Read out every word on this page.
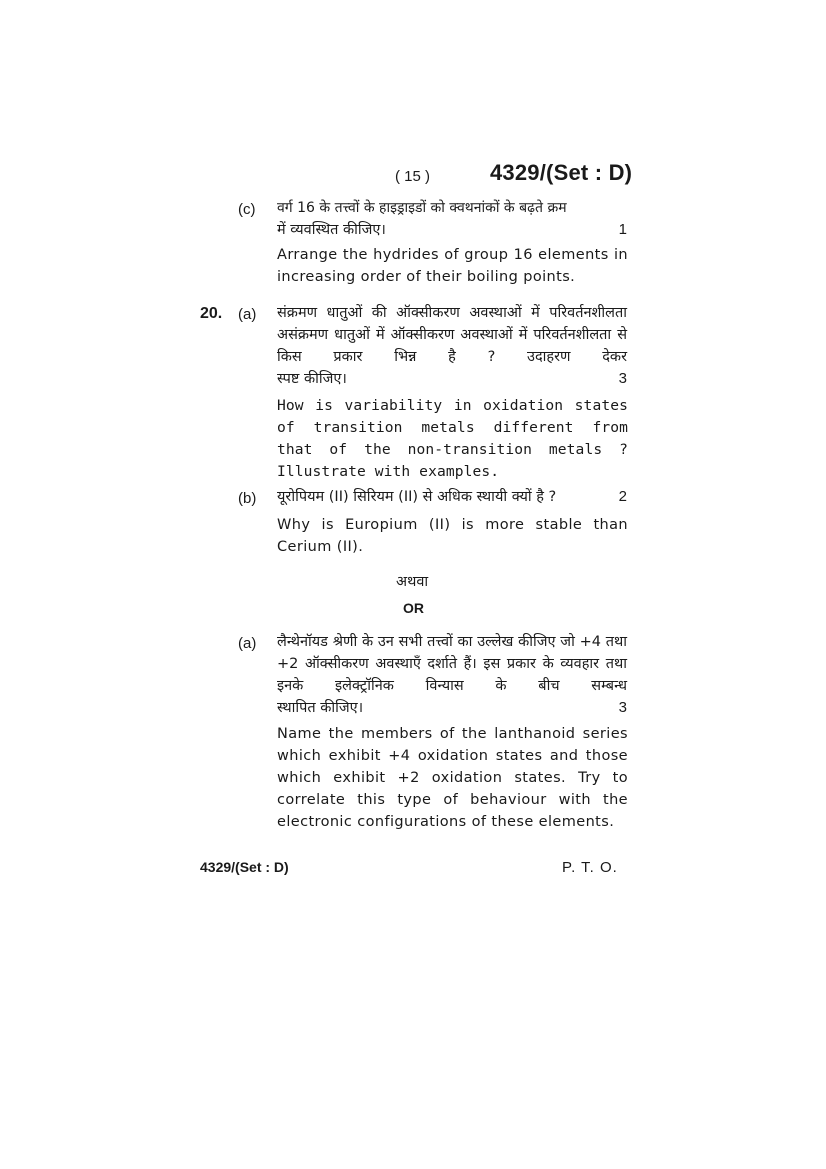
( 15 )	4329/(Set : D)
(c) वर्ग 16 के तत्त्वों के हाइड्राइडों को क्वथनांकों के बढ़ते क्रम
में व्यवस्थित कीजिए।	1
Arrange the hydrides of group 16 elements in increasing order of their boiling points.
20. (a) संक्रमण धातुओं की ऑक्सीकरण अवस्थाओं में परिवर्तनशीलता असंक्रमण धातुओं में ऑक्सीकरण अवस्थाओं में परिवर्तनशीलता से किस प्रकार भिन्न है ? उदाहरण देकर
स्पष्ट कीजिए।	3
How is variability in oxidation states of transition metals different from that of the non-transition metals ? Illustrate with examples.
(b) यूरोपियम (II) सिरियम (II) से अधिक स्थायी क्यों है ?	2
Why is Europium (II) is more stable than Cerium (II).
अथवा
OR
(a) लैन्थेनॉयड श्रेणी के उन सभी तत्त्वों का उल्लेख कीजिए जो +4 तथा +2 ऑक्सीकरण अवस्थाएँ दर्शाते हैं। इस प्रकार के व्यवहार तथा इनके इलेक्ट्रॉनिक विन्यास के बीच सम्बन्ध
स्थापित कीजिए।	3
Name the members of the lanthanoid series which exhibit +4 oxidation states and those which exhibit +2 oxidation states. Try to correlate this type of behaviour with the electronic configurations of these elements.
4329/(Set : D)	P. T. O.
